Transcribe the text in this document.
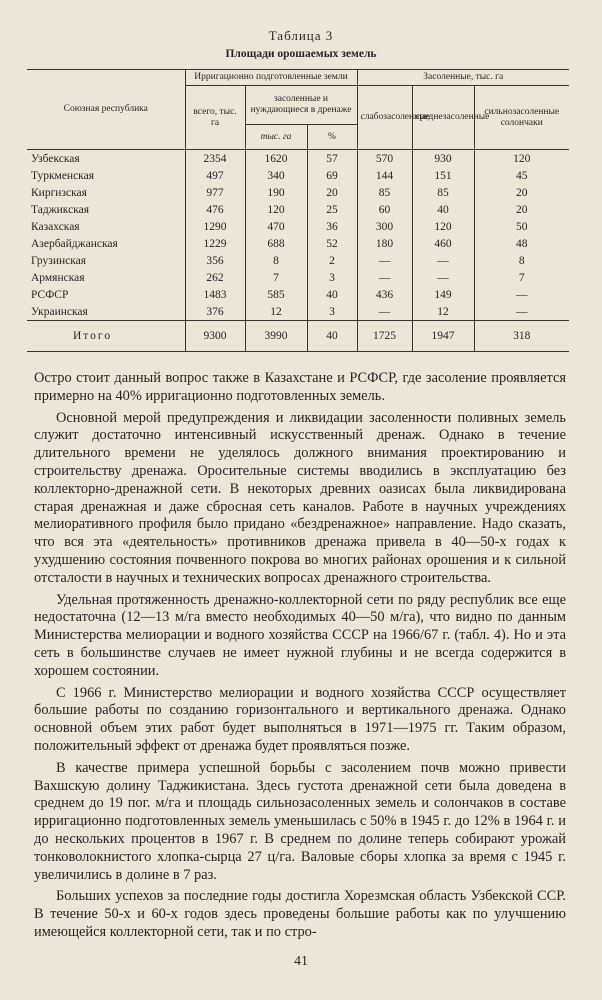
Таблица 3
Площади орошаемых земель
Союзная республика	Ирригационно подготовленные земли			Засоленные, тыс. га		
	всего, тыс. га	засоленные и нуждающиеся в дренаже		слабозасоленные	среднезасоленные	сильнозасоленные солончаки
		тыс. га	%			
Узбекская	2354	1620	57	570	930	120
Туркменская	497	340	69	144	151	45
Киргизская	977	190	20	85	85	20
Таджикская	476	120	25	60	40	20
Казахская	1290	470	36	300	120	50
Азербайджанская	1229	688	52	180	460	48
Грузинская	356	8	2	—	—	8
Армянская	262	7	3	—	—	7
РСФСР	1483	585	40	436	149	—
Украинская	376	12	3	—	12	—
Итого	9300	3990	40	1725	1947	318

Остро стоит данный вопрос также в Казахстане и РСФСР, где засоление проявляется примерно на 40% ирригационно подготовленных земель.

Основной мерой предупреждения и ликвидации засоленности поливных земель служит достаточно интенсивный искусственный дренаж. Однако в течение длительного времени не уделялось должного внимания проектированию и строительству дренажа. Оросительные системы вводились в эксплуатацию без коллекторно-дренажной сети. В некоторых древних оазисах была ликвидирована старая дренажная и даже сбросная сеть каналов. Работе в научных учреждениях мелиоративного профиля было придано «бездренажное» направление. Надо сказать, что вся эта «деятельность» противников дренажа привела в 40—50-х годах к ухудшению состояния почвенного покрова во многих районах орошения и к сильной отсталости в научных и технических вопросах дренажного строительства.

Удельная протяженность дренажно-коллекторной сети по ряду республик все еще недостаточна (12—13 м/га вместо необходимых 40—50 м/га), что видно по данным Министерства мелиорации и водного хозяйства СССР на 1966/67 г. (табл. 4). Но и эта сеть в большинстве случаев не имеет нужной глубины и не всегда содержится в хорошем состоянии.

С 1966 г. Министерство мелиорации и водного хозяйства СССР осуществляет большие работы по созданию горизонтального и вертикального дренажа. Однако основной объем этих работ будет выполняться в 1971—1975 гг. Таким образом, положительный эффект от дренажа будет проявляться позже.

В качестве примера успешной борьбы с засолением почв можно привести Вахшскую долину Таджикистана. Здесь густота дренажной сети была доведена в среднем до 19 пог. м/га и площадь сильнозасоленных земель и солончаков в составе ирригационно подготовленных земель уменьшилась с 50% в 1945 г. до 12% в 1964 г. и до нескольких процентов в 1967 г. В среднем по долине теперь собирают урожай тонковолокнистого хлопка-сырца 27 ц/га. Валовые сборы хлопка за время с 1945 г. увеличились в долине в 7 раз.

Больших успехов за последние годы достигла Хорезмская область Узбекской ССР. В течение 50-х и 60-х годов здесь проведены большие работы как по улучшению имеющейся коллекторной сети, так и по стро-

41
